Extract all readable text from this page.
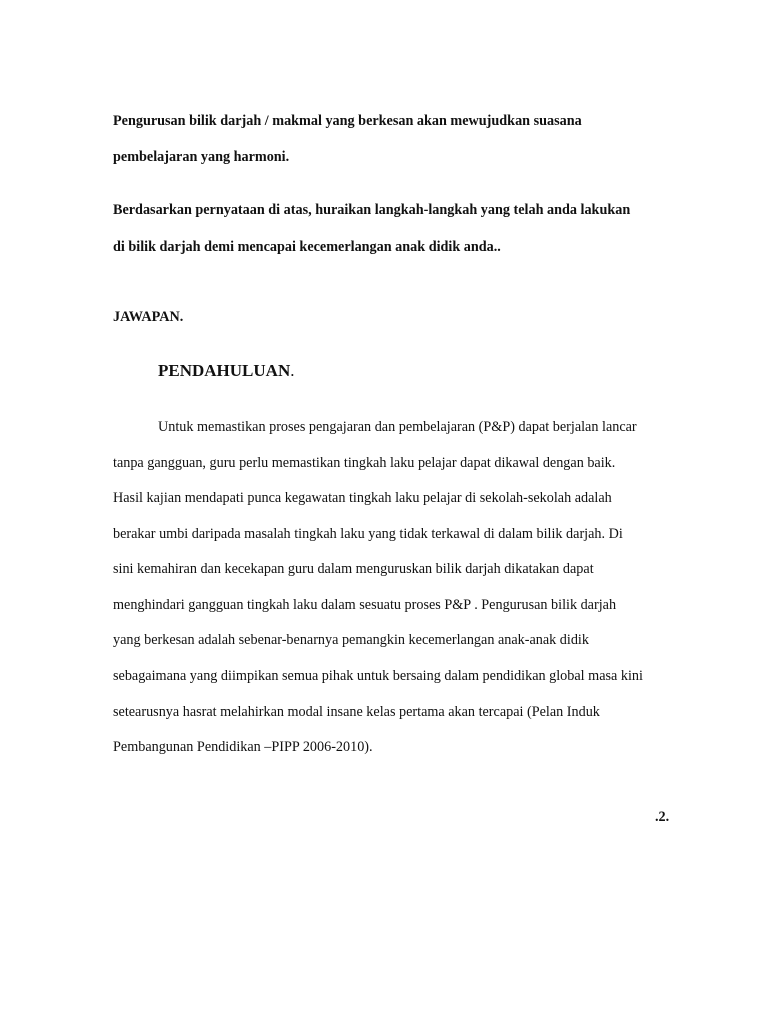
Pengurusan bilik darjah / makmal yang berkesan akan mewujudkan suasana
pembelajaran yang harmoni.
Berdasarkan pernyataan di atas, huraikan langkah-langkah yang telah anda lakukan
di bilik darjah demi mencapai kecemerlangan anak didik anda..
JAWAPAN.
PENDAHULUAN.
Untuk memastikan proses pengajaran dan pembelajaran (P&P) dapat berjalan lancar
tanpa gangguan, guru perlu memastikan tingkah laku pelajar dapat dikawal dengan baik.
Hasil kajian mendapati punca kegawatan tingkah laku pelajar di sekolah-sekolah adalah
berakar umbi daripada masalah tingkah laku yang tidak terkawal di dalam bilik darjah. Di
sini kemahiran dan kecekapan guru dalam menguruskan bilik darjah dikatakan dapat
menghindari gangguan tingkah laku dalam sesuatu proses P&P . Pengurusan bilik darjah
yang berkesan adalah sebenar-benarnya pemangkin kecemerlangan anak-anak didik
sebagaimana yang diimpikan semua pihak untuk bersaing dalam pendidikan global masa kini
setearusnya hasrat melahirkan modal insane kelas pertama akan tercapai (Pelan Induk
Pembangunan Pendidikan –PIPP 2006-2010).
.2.
